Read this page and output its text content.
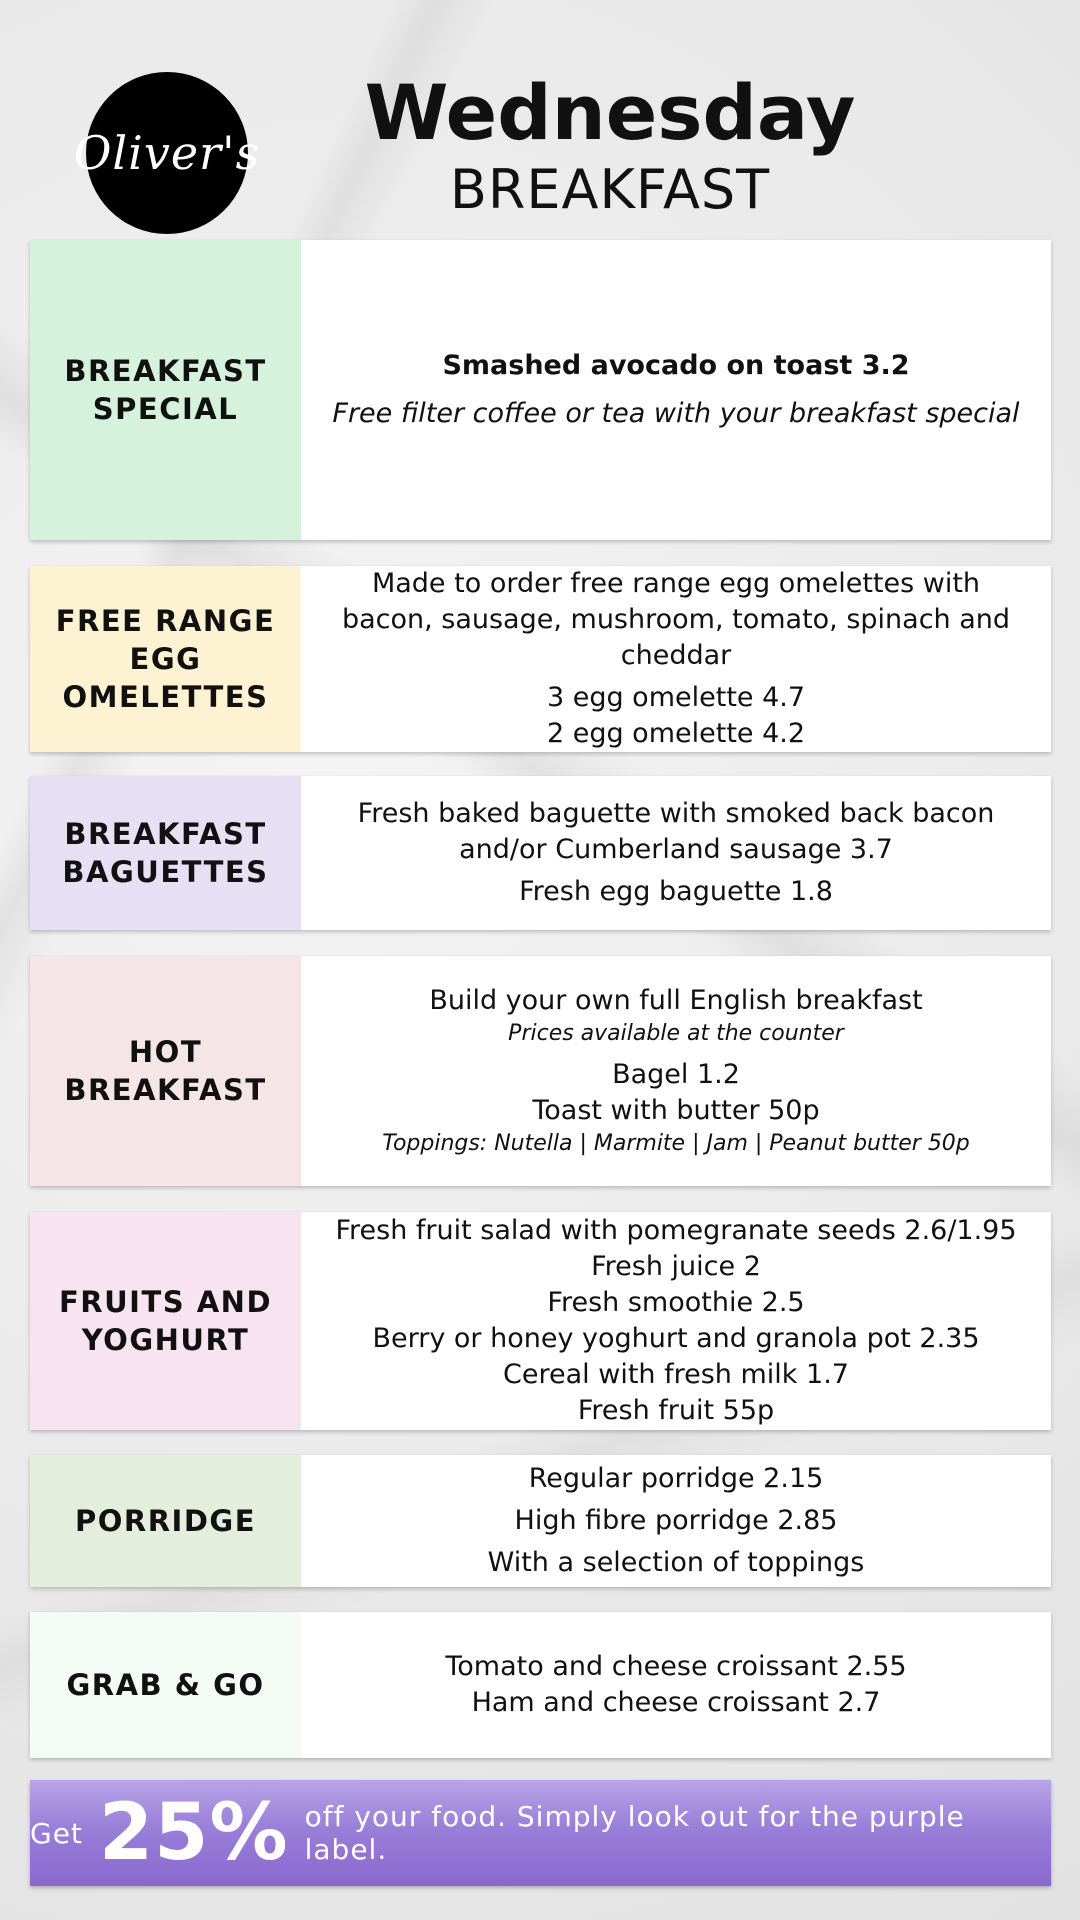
Oliver's Wednesday
BREAKFAST
BREAKFAST SPECIAL
Smashed avocado on toast 3.2
Free filter coffee or tea with your breakfast special
FREE RANGE EGG OMELETTES
Made to order free range egg omelettes with bacon, sausage, mushroom, tomato, spinach and cheddar
3 egg omelette 4.7
2 egg omelette 4.2
BREAKFAST BAGUETTES
Fresh baked baguette with smoked back bacon and/or Cumberland sausage 3.7
Fresh egg baguette 1.8
HOT BREAKFAST
Build your own full English breakfast
Prices available at the counter
Bagel 1.2
Toast with butter 50p
Toppings: Nutella | Marmite | Jam | Peanut butter 50p
FRUITS AND YOGHURT
Fresh fruit salad with pomegranate seeds 2.6/1.95
Fresh juice 2
Fresh smoothie 2.5
Berry or honey yoghurt and granola pot 2.35
Cereal with fresh milk 1.7
Fresh fruit 55p
PORRIDGE
Regular porridge 2.15
High fibre porridge 2.85
With a selection of toppings
GRAB & GO
Tomato and cheese croissant 2.55
Ham and cheese croissant 2.7
Get 25% off your food. Simply look out for the purple label.
